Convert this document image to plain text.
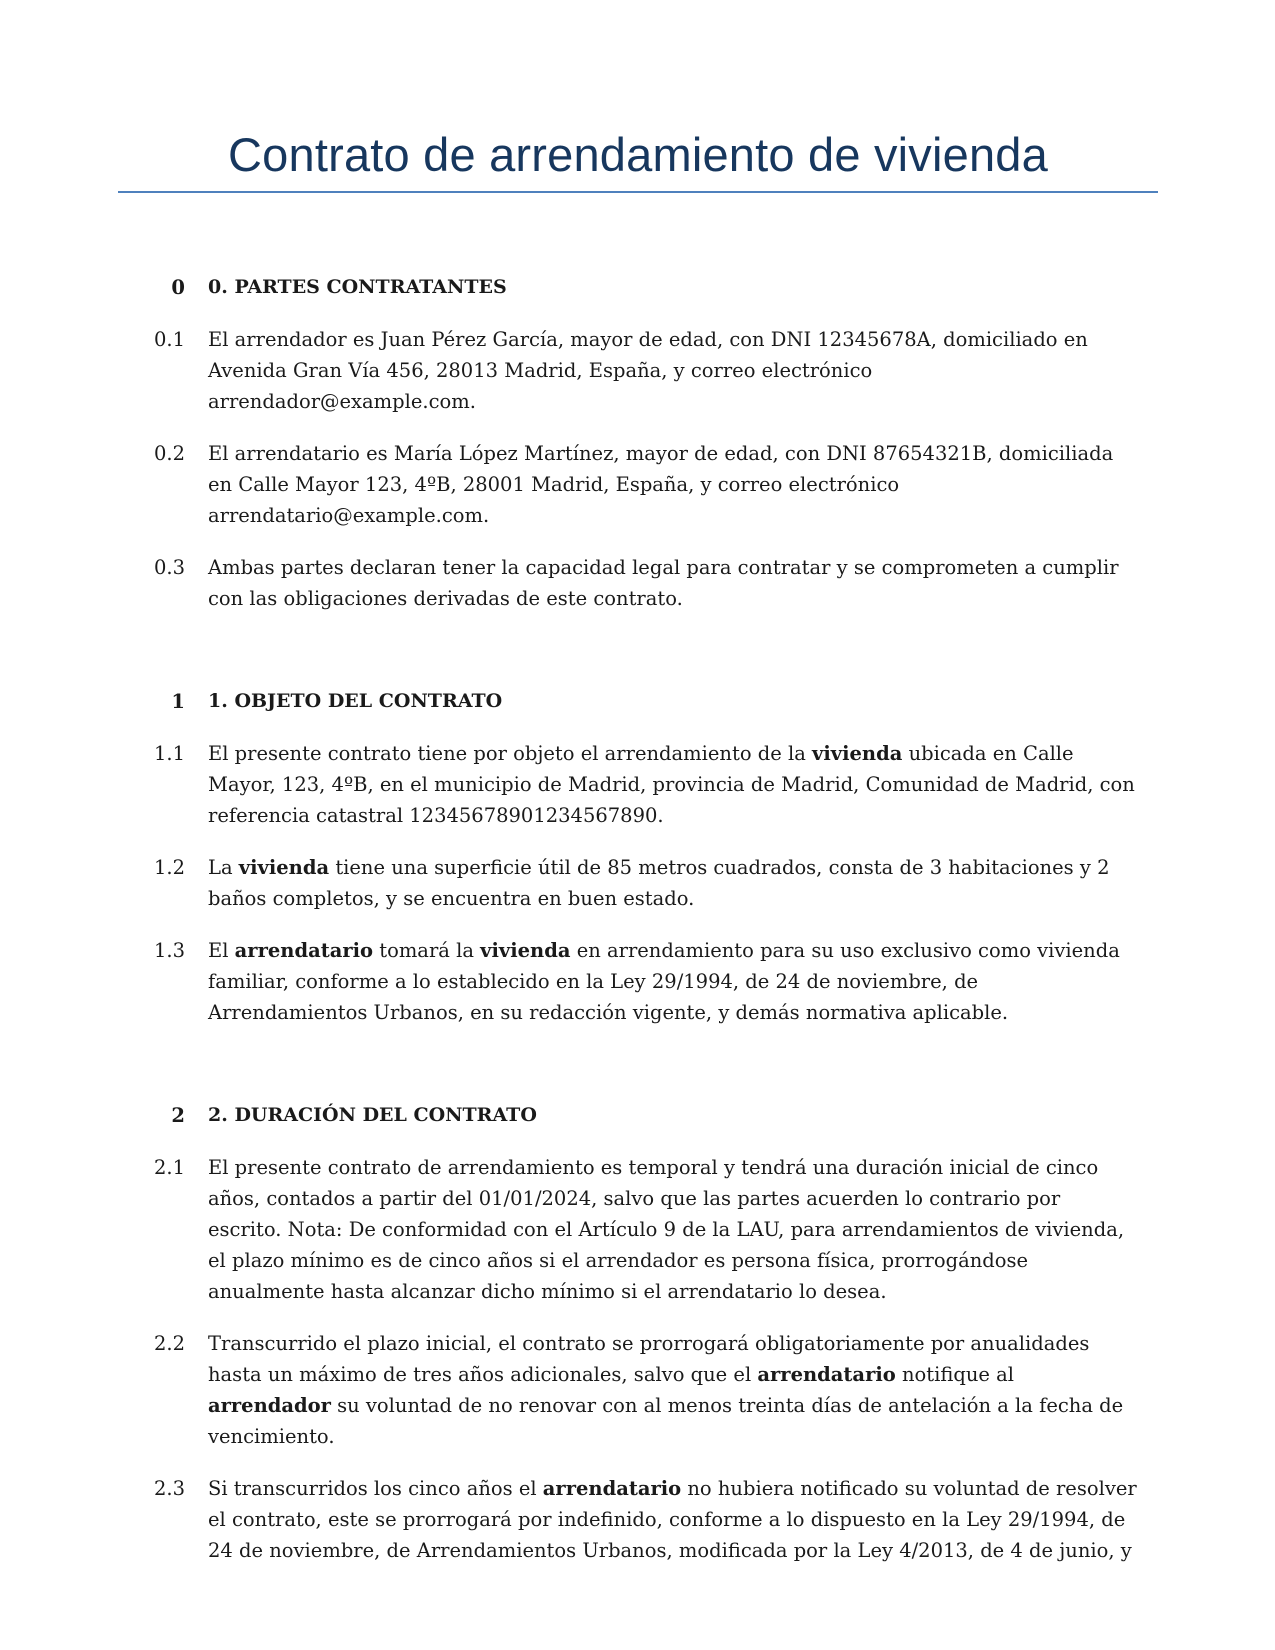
Contrato de arrendamiento de vivienda
0 0. PARTES CONTRATANTES
0.1 El arrendador es Juan Pérez García, mayor de edad, con DNI 12345678A, domiciliado en Avenida Gran Vía 456, 28013 Madrid, España, y correo electrónico arrendador@example.com.
0.2 El arrendatario es María López Martínez, mayor de edad, con DNI 87654321B, domiciliada en Calle Mayor 123, 4ºB, 28001 Madrid, España, y correo electrónico arrendatario@example.com.
0.3 Ambas partes declaran tener la capacidad legal para contratar y se comprometen a cumplir con las obligaciones derivadas de este contrato.
1 1. OBJETO DEL CONTRATO
1.1 El presente contrato tiene por objeto el arrendamiento de la vivienda ubicada en Calle Mayor, 123, 4ºB, en el municipio de Madrid, provincia de Madrid, Comunidad de Madrid, con referencia catastral 12345678901234567890.
1.2 La vivienda tiene una superficie útil de 85 metros cuadrados, consta de 3 habitaciones y 2 baños completos, y se encuentra en buen estado.
1.3 El arrendatario tomará la vivienda en arrendamiento para su uso exclusivo como vivienda familiar, conforme a lo establecido en la Ley 29/1994, de 24 de noviembre, de Arrendamientos Urbanos, en su redacción vigente, y demás normativa aplicable.
2 2. DURACIÓN DEL CONTRATO
2.1 El presente contrato de arrendamiento es temporal y tendrá una duración inicial de cinco años, contados a partir del 01/01/2024, salvo que las partes acuerden lo contrario por escrito. Nota: De conformidad con el Artículo 9 de la LAU, para arrendamientos de vivienda, el plazo mínimo es de cinco años si el arrendador es persona física, prorrogándose anualmente hasta alcanzar dicho mínimo si el arrendatario lo desea.
2.2 Transcurrido el plazo inicial, el contrato se prorrogará obligatoriamente por anualidades hasta un máximo de tres años adicionales, salvo que el arrendatario notifique al arrendador su voluntad de no renovar con al menos treinta días de antelación a la fecha de vencimiento.
2.3 Si transcurridos los cinco años el arrendatario no hubiera notificado su voluntad de resolver el contrato, este se prorrogará por indefinido, conforme a lo dispuesto en la Ley 29/1994, de 24 de noviembre, de Arrendamientos Urbanos, modificada por la Ley 4/2013, de 4 de junio, y
